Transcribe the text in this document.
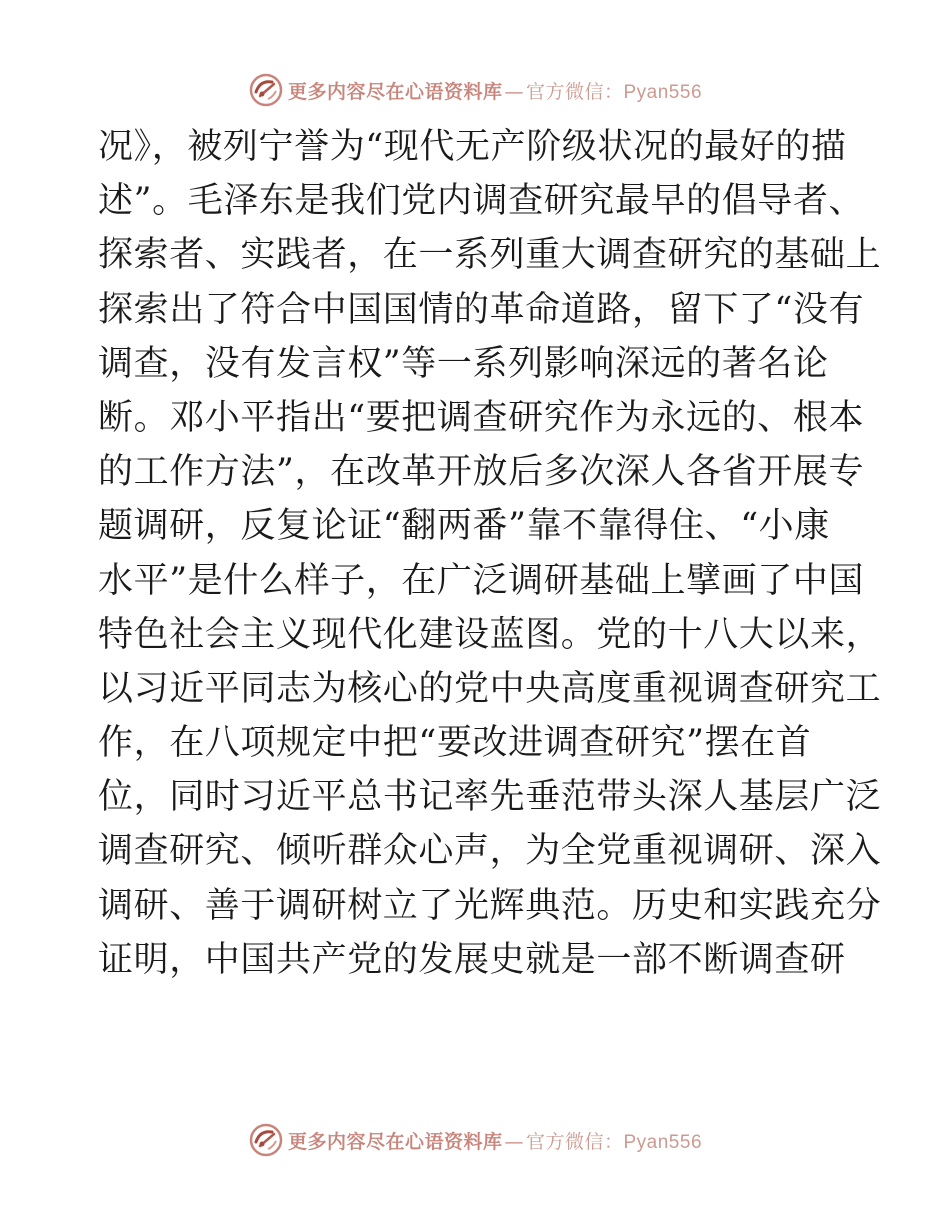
更多内容尽在心语资料库 — 官方微信：Pyan556
况》，被列宁誉为“现代无产阶级状况的最好的描
述”。毛泽东是我们党内调查研究最早的倡导者、
探索者、实践者，在一系列重大调查研究的基础上
探索出了符合中国国情的革命道路，留下了“没有
调查，没有发言权”等一系列影响深远的著名论
断。邓小平指出“要把调查研究作为永远的、根本
的工作方法”，在改革开放后多次深人各省开展专
题调研，反复论证“翻两番”靠不靠得住、“小康
水平”是什么样子，在广泛调研基础上擘画了中国
特色社会主义现代化建设蓝图。党的十八大以来，
以习近平同志为核心的党中央高度重视调查研究工
作，在八项规定中把“要改进调查研究”摆在首
位，同时习近平总书记率先垂范带头深人基层广泛
调查研究、倾听群众心声，为全党重视调研、深入
调研、善于调研树立了光辉典范。历史和实践充分
证明，中国共产党的发展史就是一部不断调查研
更多内容尽在心语资料库 — 官方微信：Pyan556
